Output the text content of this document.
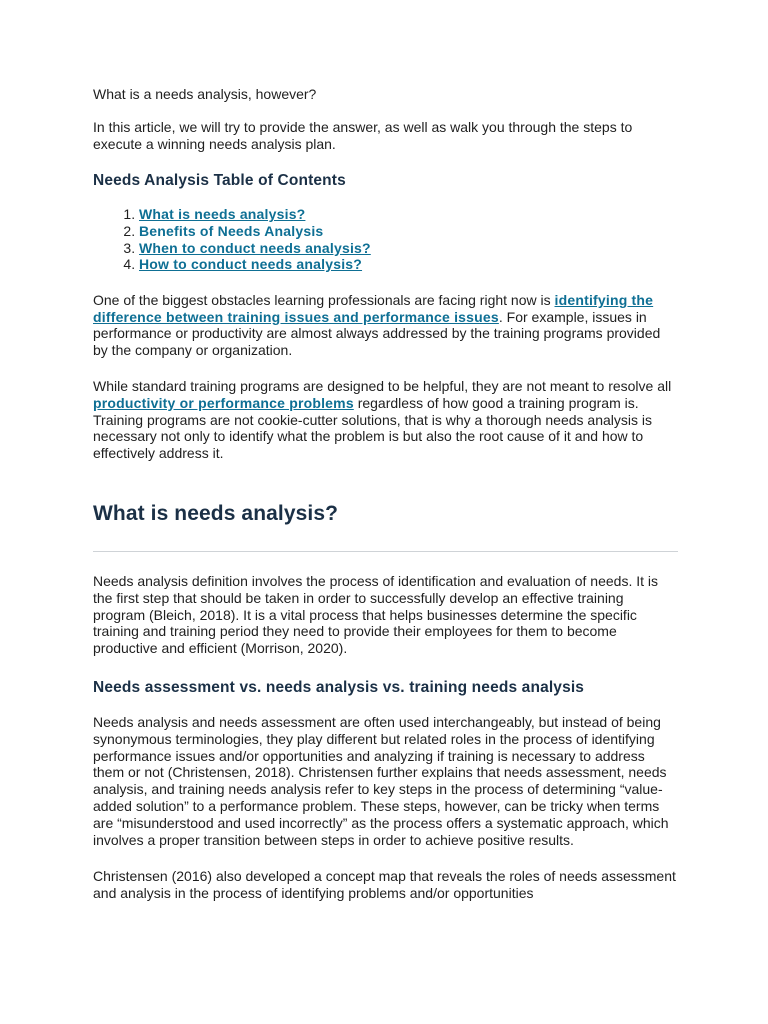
What is a needs analysis, however?

In this article, we will try to provide the answer, as well as walk you through the steps to execute a winning needs analysis plan.

Needs Analysis Table of Contents
1. What is needs analysis?
2. Benefits of Needs Analysis
3. When to conduct needs analysis?
4. How to conduct needs analysis?

One of the biggest obstacles learning professionals are facing right now is identifying the difference between training issues and performance issues. For example, issues in performance or productivity are almost always addressed by the training programs provided by the company or organization.

While standard training programs are designed to be helpful, they are not meant to resolve all productivity or performance problems regardless of how good a training program is. Training programs are not cookie-cutter solutions, that is why a thorough needs analysis is necessary not only to identify what the problem is but also the root cause of it and how to effectively address it.

What is needs analysis?

Needs analysis definition involves the process of identification and evaluation of needs. It is the first step that should be taken in order to successfully develop an effective training program (Bleich, 2018). It is a vital process that helps businesses determine the specific training and training period they need to provide their employees for them to become productive and efficient (Morrison, 2020).

Needs assessment vs. needs analysis vs. training needs analysis

Needs analysis and needs assessment are often used interchangeably, but instead of being synonymous terminologies, they play different but related roles in the process of identifying performance issues and/or opportunities and analyzing if training is necessary to address them or not (Christensen, 2018). Christensen further explains that needs assessment, needs analysis, and training needs analysis refer to key steps in the process of determining “value-added solution” to a performance problem. These steps, however, can be tricky when terms are “misunderstood and used incorrectly” as the process offers a systematic approach, which involves a proper transition between steps in order to achieve positive results.

Christensen (2016) also developed a concept map that reveals the roles of needs assessment and analysis in the process of identifying problems and/or opportunities
